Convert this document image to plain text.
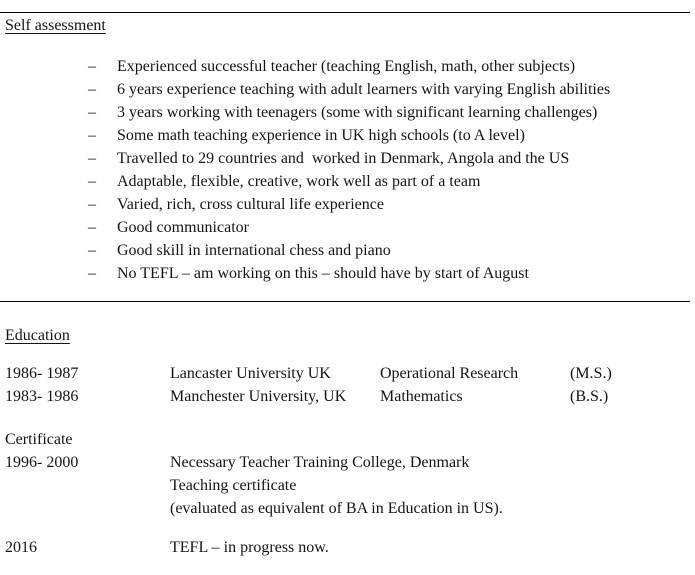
Self assessment
–	Experienced successful teacher (teaching English, math, other subjects)
–	6 years experience teaching with adult learners with varying English abilities
–	3 years working with teenagers (some with significant learning challenges)
–	Some math teaching experience in UK high schools (to A level)
–	Travelled to 29 countries and  worked in Denmark, Angola and the US
–	Adaptable, flexible, creative, work well as part of a team
–	Varied, rich, cross cultural life experience
–	Good communicator
–	Good skill in international chess and piano
–	No TEFL – am working on this – should have by start of August
Education
1986- 1987	Lancaster University UK	Operational Research	(M.S.)
1983- 1986	Manchester University, UK	Mathematics	(B.S.)
Certificate
1996- 2000	Necessary Teacher Training College, Denmark
Teaching certificate
(evaluated as equivalent of BA in Education in US).
2016	TEFL – in progress now.
